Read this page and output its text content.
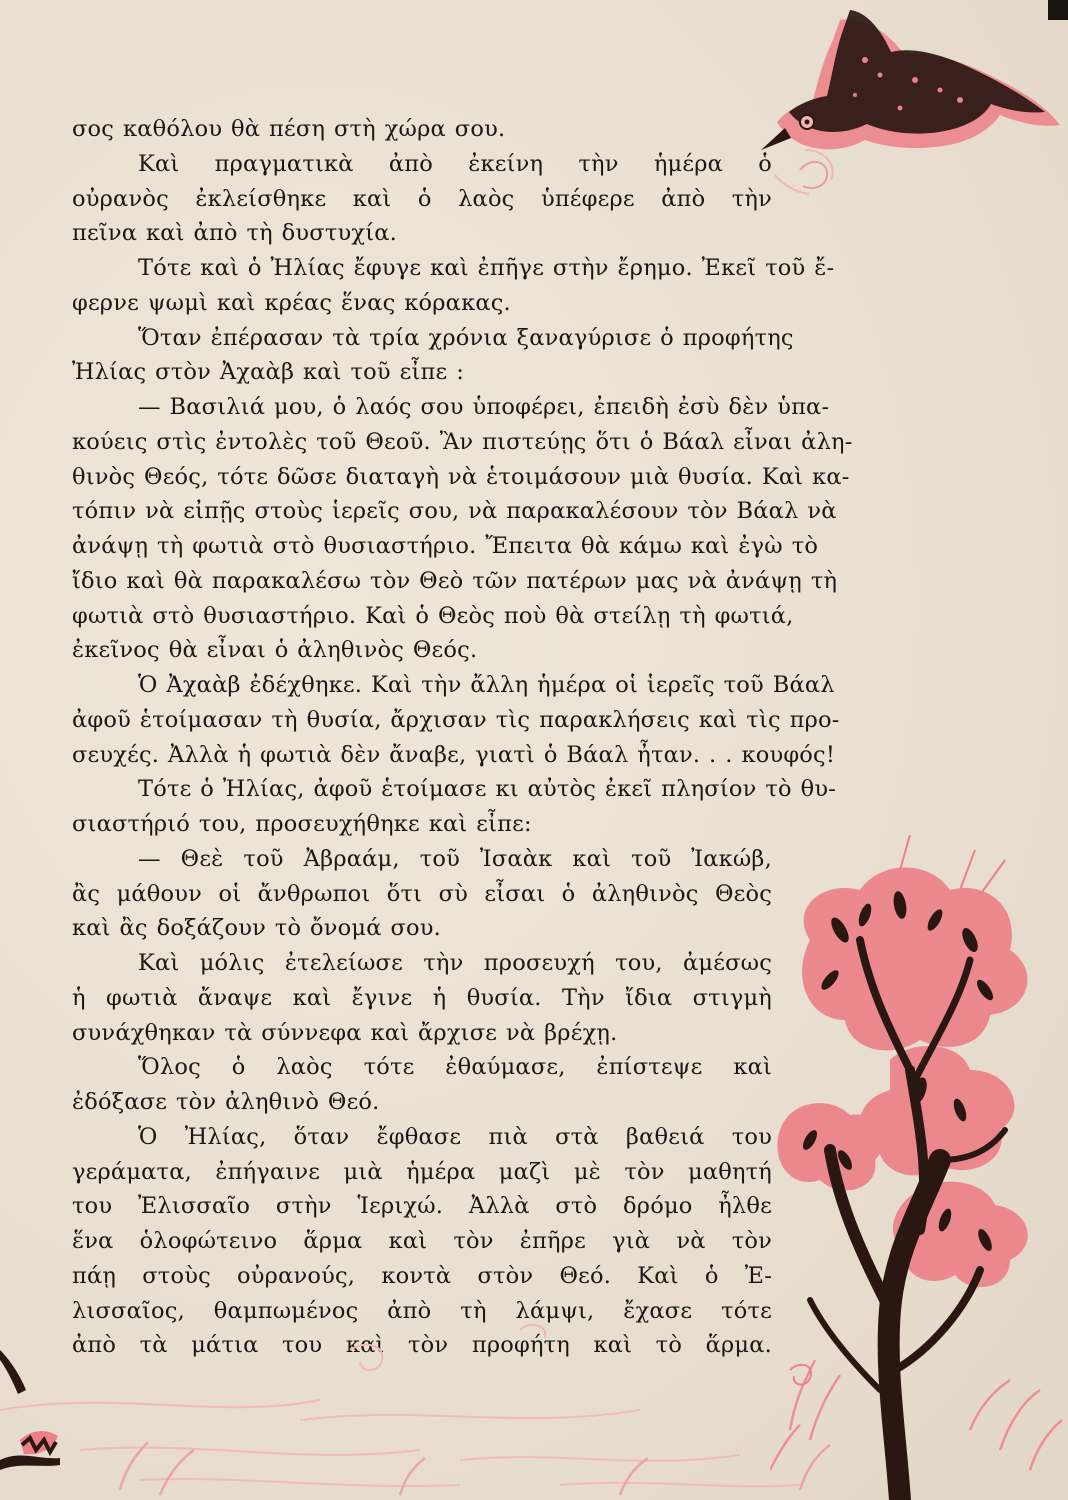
σος καθόλου θὰ πέση στὴ χώρα σου.
Καὶ πραγματικὰ ἀπὸ ἐκείνη τὴν ἡμέρα ὁ
οὐρανὸς ἐκλείσθηκε καὶ ὁ λαὸς ὑπέφερε ἀπὸ τὴν
πεῖνα καὶ ἀπὸ τὴ δυστυχία.
Τότε καὶ ὁ Ἠλίας ἔφυγε καὶ ἐπῆγε στὴν ἔρημο. Ἐκεῖ τοῦ ἔ-
φερνε ψωμὶ καὶ κρέας ἕνας κόρακας.
Ὅταν ἐπέρασαν τὰ τρία χρόνια ξαναγύρισε ὁ προφήτης
Ἠλίας στὸν Ἀχαὰβ καὶ τοῦ εἶπε :
— Βασιλιά μου, ὁ λαός σου ὑποφέρει, ἐπειδὴ ἐσὺ δὲν ὑπα-
κούεις στὶς ἐντολὲς τοῦ Θεοῦ. Ἂν πιστεύῃς ὅτι ὁ Βάαλ εἶναι ἀλη-
θινὸς Θεός, τότε δῶσε διαταγὴ νὰ ἑτοιμάσουν μιὰ θυσία. Καὶ κα-
τόπιν νὰ εἰπῇς στοὺς ἱερεῖς σου, νὰ παρακαλέσουν τὸν Βάαλ νὰ
ἀνάψῃ τὴ φωτιὰ στὸ θυσιαστήριο. Ἔπειτα θὰ κάμω καὶ ἐγὼ τὸ
ἴδιο καὶ θὰ παρακαλέσω τὸν Θεὸ τῶν πατέρων μας νὰ ἀνάψῃ τὴ
φωτιὰ στὸ θυσιαστήριο. Καὶ ὁ Θεὸς ποὺ θὰ στείλῃ τὴ φωτιά,
ἐκεῖνος θὰ εἶναι ὁ ἀληθινὸς Θεός.
Ὁ Ἀχαὰβ ἐδέχθηκε. Καὶ τὴν ἄλλη ἡμέρα οἱ ἱερεῖς τοῦ Βάαλ
ἀφοῦ ἑτοίμασαν τὴ θυσία, ἄρχισαν τὶς παρακλήσεις καὶ τὶς προ-
σευχές. Ἀλλὰ ἡ φωτιὰ δὲν ἄναβε, γιατὶ ὁ Βάαλ ἦταν. . . κουφός!
Τότε ὁ Ἠλίας, ἀφοῦ ἑτοίμασε κι αὐτὸς ἐκεῖ πλησίον τὸ θυ-
σιαστήριό του, προσευχήθηκε καὶ εἶπε:
— Θεὲ τοῦ Ἀβραάμ, τοῦ Ἰσαὰκ καὶ τοῦ Ἰακώβ,
ἂς μάθουν οἱ ἄνθρωποι ὅτι σὺ εἶσαι ὁ ἀληθινὸς Θεὸς
καὶ ἂς δοξάζουν τὸ ὄνομά σου.
Καὶ μόλις ἐτελείωσε τὴν προσευχή του, ἀμέσως
ἡ φωτιὰ ἄναψε καὶ ἔγινε ἡ θυσία. Τὴν ἴδια στιγμὴ
συνάχθηκαν τὰ σύννεφα καὶ ἄρχισε νὰ βρέχῃ.
Ὅλος ὁ λαὸς τότε ἐθαύμασε, ἐπίστεψε καὶ
ἐδόξασε τὸν ἀληθινὸ Θεό.
Ὁ Ἠλίας, ὅταν ἔφθασε πιὰ στὰ βαθειά του
γεράματα, ἐπήγαινε μιὰ ἡμέρα μαζὶ μὲ τὸν μαθητή
του Ἐλισσαῖο στὴν Ἱεριχώ. Ἀλλὰ στὸ δρόμο ἦλθε
ἕνα ὁλοφώτεινο ἅρμα καὶ τὸν ἐπῆρε γιὰ νὰ τὸν
πάῃ στοὺς οὐρανούς, κοντὰ στὸν Θεό. Καὶ ὁ Ἐ-
λισσαῖος, θαμπωμένος ἀπὸ τὴ λάμψι, ἔχασε τότε
ἀπὸ τὰ μάτια του καὶ τὸν προφήτη καὶ τὸ ἅρμα.
